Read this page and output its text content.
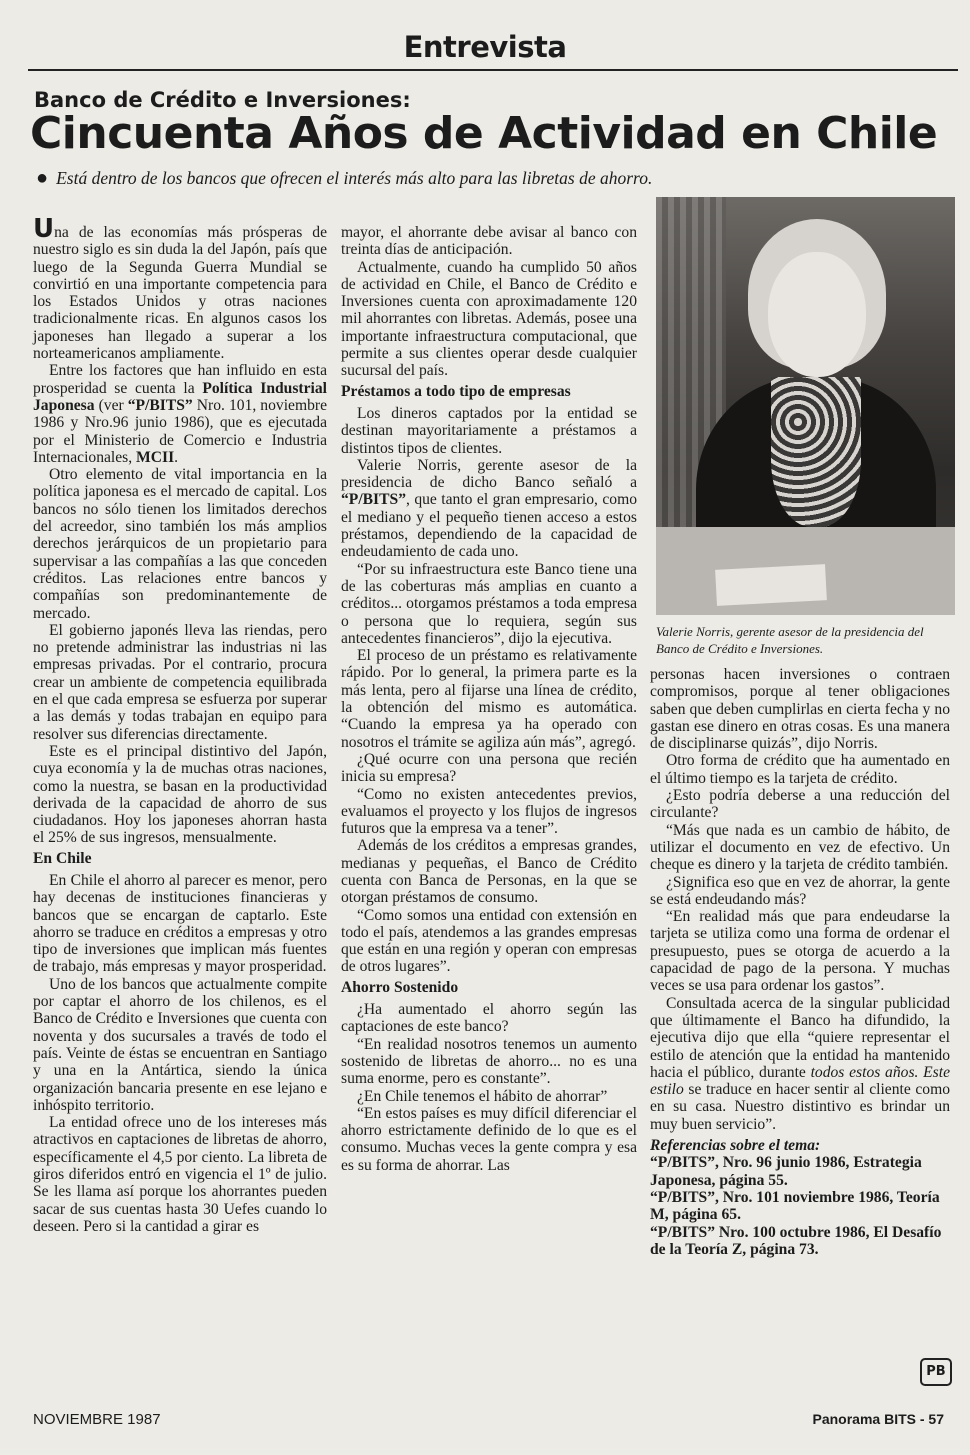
Entrevista
Banco de Crédito e Inversiones:
Cincuenta Años de Actividad en Chile
● Está dentro de los bancos que ofrecen el interés más alto para las libretas de ahorro.

Una de las economías más prósperas de nuestro siglo es sin duda la del Japón, país que luego de la Segunda Guerra Mundial se convirtió en una importante competencia para los Estados Unidos y otras naciones tradicionalmente ricas. En algunos casos los japoneses han llegado a superar a los norteamericanos ampliamente.

Entre los factores que han influido en esta prosperidad se cuenta la Política Industrial Japonesa (ver “P/BITS” Nro. 101, noviembre 1986 y Nro.96 junio 1986), que es ejecutada por el Ministerio de Comercio e Industria Internacionales, MCII.

Otro elemento de vital importancia en la política japonesa es el mercado de capital. Los bancos no sólo tienen los limitados derechos del acreedor, sino también los más amplios derechos jerárquicos de un propietario para supervisar a las compañías a las que conceden créditos. Las relaciones entre bancos y compañías son predominantemente de mercado.

El gobierno japonés lleva las riendas, pero no pretende administrar las industrias ni las empresas privadas. Por el contrario, procura crear un ambiente de competencia equilibrada en el que cada empresa se esfuerza por superar a las demás y todas trabajan en equipo para resolver sus diferencias directamente.

Este es el principal distintivo del Japón, cuya economía y la de muchas otras naciones, como la nuestra, se basan en la productividad derivada de la capacidad de ahorro de sus ciudadanos. Hoy los japoneses ahorran hasta el 25% de sus ingresos, mensualmente.

En Chile

En Chile el ahorro al parecer es menor, pero hay decenas de instituciones financieras y bancos que se encargan de captarlo. Este ahorro se traduce en créditos a empresas y otro tipo de inversiones que implican más fuentes de trabajo, más empresas y mayor prosperidad.

Uno de los bancos que actualmente compite por captar el ahorro de los chilenos, es el Banco de Crédito e Inversiones que cuenta con noventa y dos sucursales a través de todo el país. Veinte de éstas se encuentran en Santiago y una en la Antártica, siendo la única organización bancaria presente en ese lejano e inhóspito territorio.

La entidad ofrece uno de los intereses más atractivos en captaciones de libretas de ahorro, específicamente el 4,5 por ciento. La libreta de giros diferidos entró en vigencia el 1º de julio. Se les llama así porque los ahorrantes pueden sacar de sus cuentas hasta 30 Uefes cuando lo deseen. Pero si la cantidad a girar es

mayor, el ahorrante debe avisar al banco con treinta días de anticipación.

Actualmente, cuando ha cumplido 50 años de actividad en Chile, el Banco de Crédito e Inversiones cuenta con aproximadamente 120 mil ahorrantes con libretas. Además, posee una importante infraestructura computacional, que permite a sus clientes operar desde cualquier sucursal del país.

Préstamos a todo tipo de empresas

Los dineros captados por la entidad se destinan mayoritariamente a préstamos a distintos tipos de clientes.

Valerie Norris, gerente asesor de la presidencia de dicho Banco señaló a “P/BITS”, que tanto el gran empresario, como el mediano y el pequeño tienen acceso a estos préstamos, dependiendo de la capacidad de endeudamiento de cada uno.

“Por su infraestructura este Banco tiene una de las coberturas más amplias en cuanto a créditos... otorgamos préstamos a toda empresa o persona que lo requiera, según sus antecedentes financieros”, dijo la ejecutiva.

El proceso de un préstamo es relativamente rápido. Por lo general, la primera parte es la más lenta, pero al fijarse una línea de crédito, la obtención del mismo es automática. “Cuando la empresa ya ha operado con nosotros el trámite se agiliza aún más”, agregó.

¿Qué ocurre con una persona que recién inicia su empresa?

“Como no existen antecedentes previos, evaluamos el proyecto y los flujos de ingresos futuros que la empresa va a tener”.

Además de los créditos a empresas grandes, medianas y pequeñas, el Banco de Crédito cuenta con Banca de Personas, en la que se otorgan préstamos de consumo.

“Como somos una entidad con extensión en todo el país, atendemos a las grandes empresas que están en una región y operan con empresas de otros lugares”.

Ahorro Sostenido

¿Ha aumentado el ahorro según las captaciones de este banco?

“En realidad nosotros tenemos un aumento sostenido de libretas de ahorro... no es una suma enorme, pero es constante”.

¿En Chile tenemos el hábito de ahorrar”

“En estos países es muy difícil diferenciar el ahorro estrictamente definido de lo que es el consumo. Muchas veces la gente compra y esa es su forma de ahorrar. Las

Valerie Norris, gerente asesor de la presidencia del Banco de Crédito e Inversiones.

personas hacen inversiones o contraen compromisos, porque al tener obligaciones saben que deben cumplirlas en cierta fecha y no gastan ese dinero en otras cosas. Es una manera de disciplinarse quizás”, dijo Norris.

Otro forma de crédito que ha aumentado en el último tiempo es la tarjeta de crédito.

¿Esto podría deberse a una reducción del circulante?

“Más que nada es un cambio de hábito, de utilizar el documento en vez de efectivo. Un cheque es dinero y la tarjeta de crédito también.

¿Significa eso que en vez de ahorrar, la gente se está endeudando más?

“En realidad más que para endeudarse la tarjeta se utiliza como una forma de ordenar el presupuesto, pues se otorga de acuerdo a la capacidad de pago de la persona. Y muchas veces se usa para ordenar los gastos”.

Consultada acerca de la singular publicidad que últimamente el Banco ha difundido, la ejecutiva dijo que ella “quiere representar el estilo de atención que la entidad ha mantenido hacia el público, durante todos estos años. Este estilo se traduce en hacer sentir al cliente como en su casa. Nuestro distintivo es brindar un muy buen servicio”.

Referencias sobre el tema:

“P/BITS”, Nro. 96 junio 1986, Estrategia Japonesa, página 55.

“P/BITS”, Nro. 101 noviembre 1986, Teoría M, página 65.

“P/BITS” Nro. 100 octubre 1986, El Desafío de la Teoría Z, página 73.

PB
NOVIEMBRE 1987	Panorama BITS - 57
